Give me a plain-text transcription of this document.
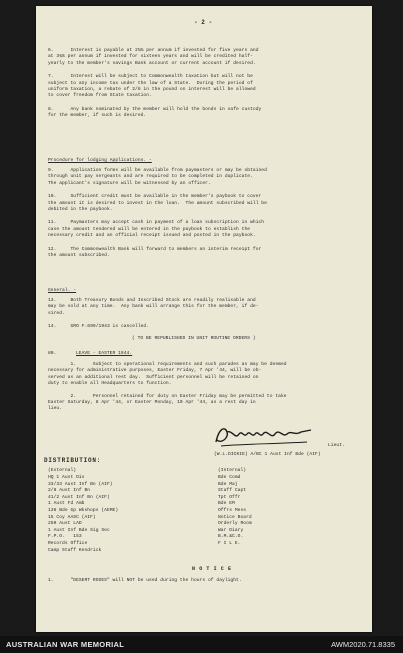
- 2 -
6.      Interest is payable at 2¾% per annum if invested for five years and
at 3¾% per annum if invested for sixteen years and will be credited half-
yearly to the member's savings Bank account or current account if desired.
7.      Interest will be subject to Commonwealth taxation but will not be
subject to any income tax under the law of a State.  During the period of
uniform taxation, a rebate of 2/6 in the pound on interest will be allowed
to cover freedom from State taxation.
8.      Any bank nominated by the member will hold the bonds in safe custody
for the member, if such is desired.
Procedure for lodging Applications. -
9.      Application forms will be available from paymasters or may be obtained
through unit pay sergeants and are required to be completed in duplicate.
The applicant's signature will be witnessed by an officer.
10.     Sufficient credit must be available in the member's paybook to cover
the amount it is desired to invest in the loan.  The amount subscribed will be
debited in the paybook.
11.     Paymasters may accept cash in payment of a loan subscription in which
case the amount tendered will be entered in the paybook to establish the
necessary credit and an official receipt issued and posted in the paybook.
12.     The Commonwealth Bank will forward to members an interim receipt for
the amount subscribed.
General. -
13.     Both Treasury Bonds and Inscribed Stock are readily realisable and
may be sold at any time.  Any bank will arrange this for the member, if de-
sired.
14.     GRO F.699/1943 is cancelled.
( TO BE REPUBLISHED IN UNIT ROUTINE ORDERS )
80.	LEAVE - EASTER 1944.
1.      Subject to operational requirements and such parades as may be deemed
necessary for administrative purposes, Easter Friday, 7 Apr '44, will be ob-
served as an additional rest day.  Sufficient personnel will be retained on
duty to enable all Headquarters to function.
2.      Personnel retained for duty on Easter Friday may be permitted to take
Easter Saturday, 8 Apr '44, or Easter Monday, 10 Apr '44, as a rest day in
lieu.
Lieut.
(W.L.DICKIE) A/BC 1 Aust Inf Bde (AIF)
DISTRIBUTION:
(External)
HQ 1 Aust Div
33/33 Aust Inf Bn (AIF)
2/8 Aust Inf Bn
41/2 Aust Inf Bn (AIF)
1 Aust Fd Amb
136 Bde Gp Wkshops (AEME)
15 Coy AASC (AIF)
250 Aust LAD
1 Aust Inf Bde Sig Sec
F.P.O.   153
Records Office
Camp Staff Kendrick
(Internal)
Bde Comd
Bde Maj
Staff Capt
Tpt Offr
Bde EM
Offrs Mess
Notice Board
Orderly Room
War Diary
B.M.&C.O.
F I L E.
N O T I C E
1.      "DESERT ROSES" will NOT be used during the hours of daylight.
AUSTRALIAN WAR MEMORIAL	AWM2020.71.8335
